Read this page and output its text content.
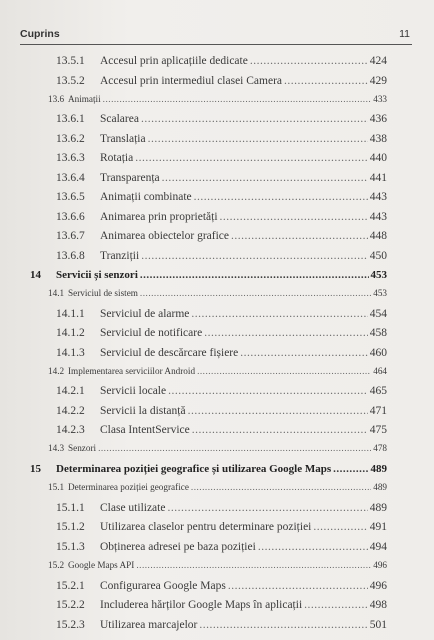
Cuprins	11
13.5.1	Accesul prin aplicațiile dedicate .....	424
13.5.2	Accesul prin intermediul clasei Camera .....	429
13.6 Animații .....	433
13.6.1	Scalarea .....	436
13.6.2	Translația .....	438
13.6.3	Rotația .....	440
13.6.4	Transparența .....	441
13.6.5	Animații combinate .....	443
13.6.6	Animarea prin proprietăți .....	443
13.6.7	Animarea obiectelor grafice .....	448
13.6.8	Tranziții .....	450
14	Servicii și senzori .....	453
14.1 Serviciul de sistem .....	453
14.1.1	Serviciul de alarme .....	454
14.1.2	Serviciul de notificare .....	458
14.1.3	Serviciul de descărcare fișiere .....	460
14.2 Implementarea serviciilor Android .....	464
14.2.1	Servicii locale .....	465
14.2.2	Servicii la distanță .....	471
14.2.3	Clasa IntentService .....	475
14.3 Senzori .....	478
15	Determinarea poziției geografice și utilizarea Google Maps .....	489
15.1 Determinarea poziției geografice .....	489
15.1.1	Clase utilizate .....	489
15.1.2	Utilizarea claselor pentru determinare poziției .....	491
15.1.3	Obținerea adresei pe baza poziției .....	494
15.2 Google Maps API .....	496
15.2.1	Configurarea Google Maps .....	496
15.2.2	Includerea hărților Google Maps în aplicații .....	498
15.2.3	Utilizarea marcajelor .....	501
